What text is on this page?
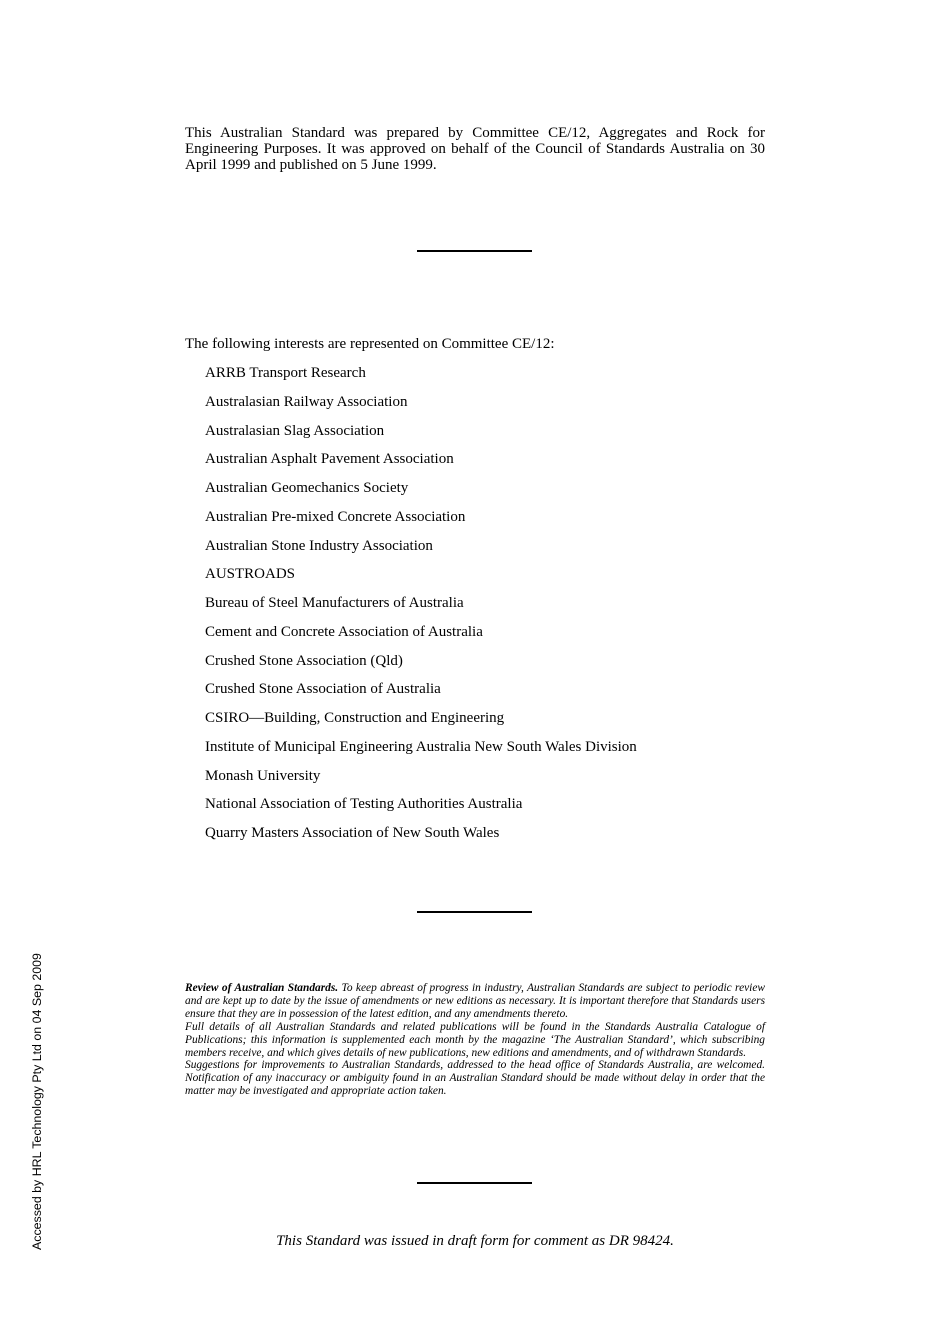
This Australian Standard was prepared by Committee CE/12, Aggregates and Rock for Engineering Purposes. It was approved on behalf of the Council of Standards Australia on 30 April 1999 and published on 5 June 1999.
The following interests are represented on Committee CE/12:
ARRB Transport Research
Australasian Railway Association
Australasian Slag Association
Australian Asphalt Pavement Association
Australian Geomechanics Society
Australian Pre-mixed Concrete Association
Australian Stone Industry Association
AUSTROADS
Bureau of Steel Manufacturers of Australia
Cement and Concrete Association of Australia
Crushed Stone Association (Qld)
Crushed Stone Association of Australia
CSIRO—Building, Construction and Engineering
Institute of Municipal Engineering Australia New South Wales Division
Monash University
National Association of Testing Authorities Australia
Quarry Masters Association of New South Wales

Review of Australian Standards. To keep abreast of progress in industry, Australian Standards are subject to periodic review and are kept up to date by the issue of amendments or new editions as necessary. It is important therefore that Standards users ensure that they are in possession of the latest edition, and any amendments thereto.

Full details of all Australian Standards and related publications will be found in the Standards Australia Catalogue of Publications; this information is supplemented each month by the magazine ‘The Australian Standard’, which subscribing members receive, and which gives details of new publications, new editions and amendments, and of withdrawn Standards.

Suggestions for improvements to Australian Standards, addressed to the head office of Standards Australia, are welcomed. Notification of any inaccuracy or ambiguity found in an Australian Standard should be made without delay in order that the matter may be investigated and appropriate action taken.

This Standard was issued in draft form for comment as DR 98424.
Accessed by HRL Technology Pty Ltd on 04 Sep 2009
